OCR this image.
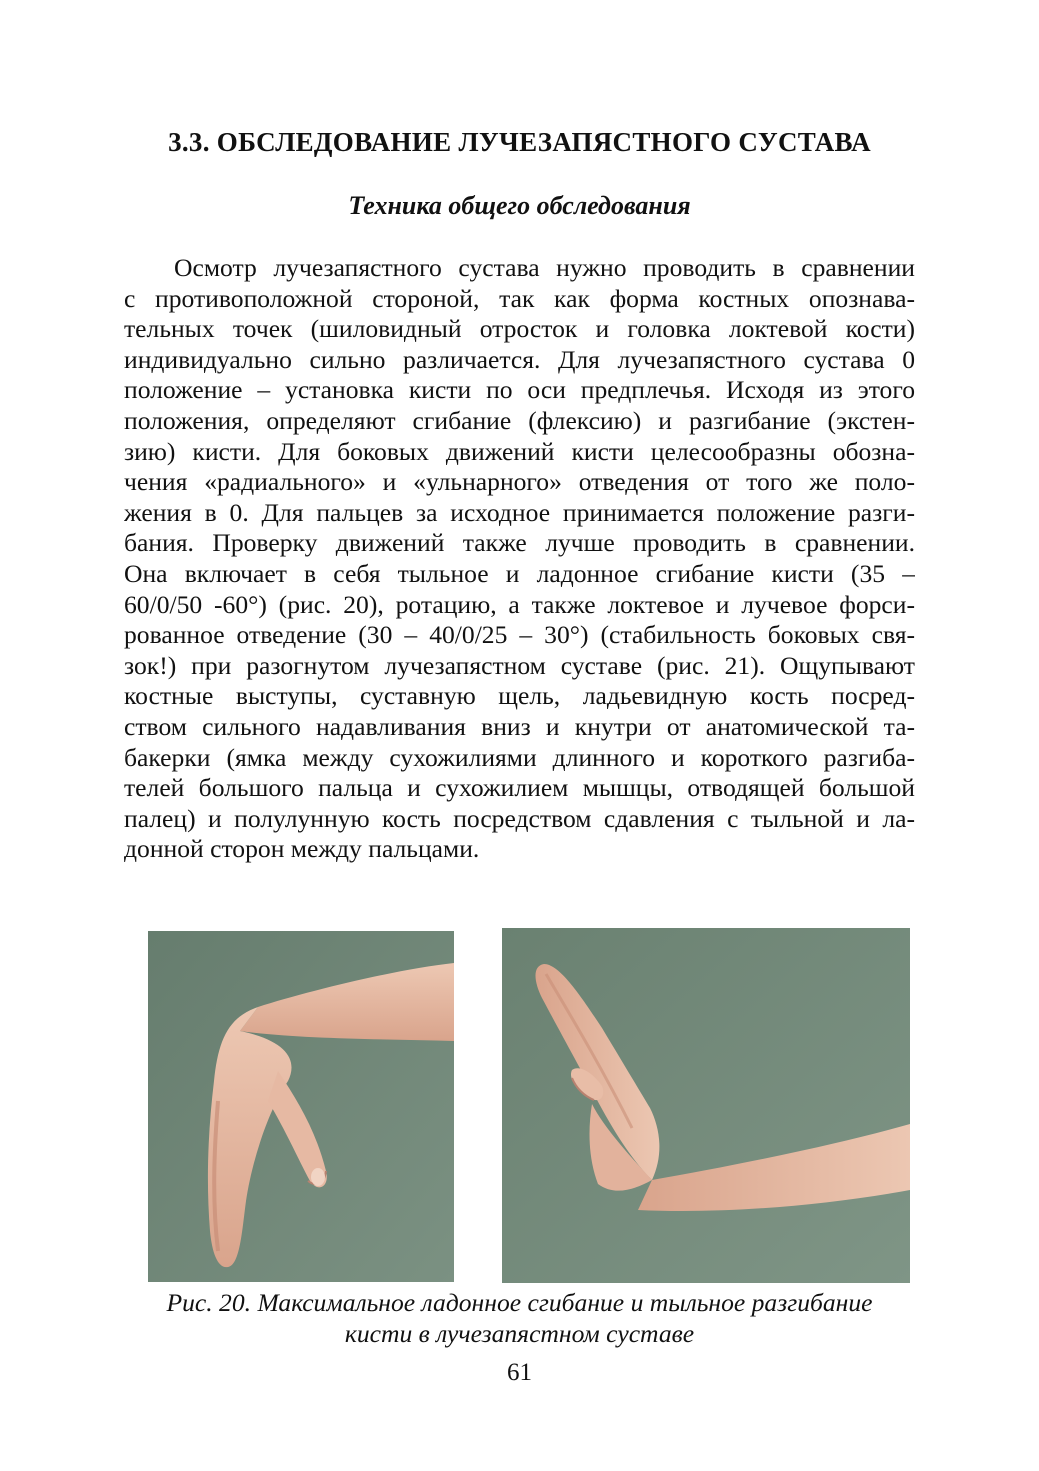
3.3. ОБСЛЕДОВАНИЕ ЛУЧЕЗАПЯСТНОГО СУСТАВА
Техника общего обследования
Осмотр лучезапястного сустава нужно проводить в сравнении
с противоположной стороной, так как форма костных опознава-
тельных точек (шиловидный отросток и головка локтевой кости)
индивидуально сильно различается. Для лучезапястного сустава 0
положение – установка кисти по оси предплечья. Исходя из этого
положения, определяют сгибание (флексию) и разгибание (экстен-
зию) кисти. Для боковых движений кисти целесообразны обозна-
чения «радиального» и «ульнарного» отведения от того же поло-
жения в 0. Для пальцев за исходное принимается положение разги-
бания. Проверку движений также лучше проводить в сравнении.
Она включает в себя тыльное и ладонное сгибание кисти (35 –
60/0/50 -60°) (рис. 20), ротацию, а также локтевое и лучевое форси-
рованное отведение (30 – 40/0/25 – 30°) (стабильность боковых свя-
зок!) при разогнутом лучезапястном суставе (рис. 21). Ощупывают
костные выступы, суставную щель, ладьевидную кость посред-
ством сильного надавливания вниз и кнутри от анатомической та-
бакерки (ямка между сухожилиями длинного и короткого разгиба-
телей большого пальца и сухожилием мышцы, отводящей большой
палец) и полулунную кость посредством сдавления с тыльной и ла-
донной сторон между пальцами.

Рис. 20. Максимальное ладонное сгибание и тыльное разгибание
кисти в лучезапястном суставе

61
